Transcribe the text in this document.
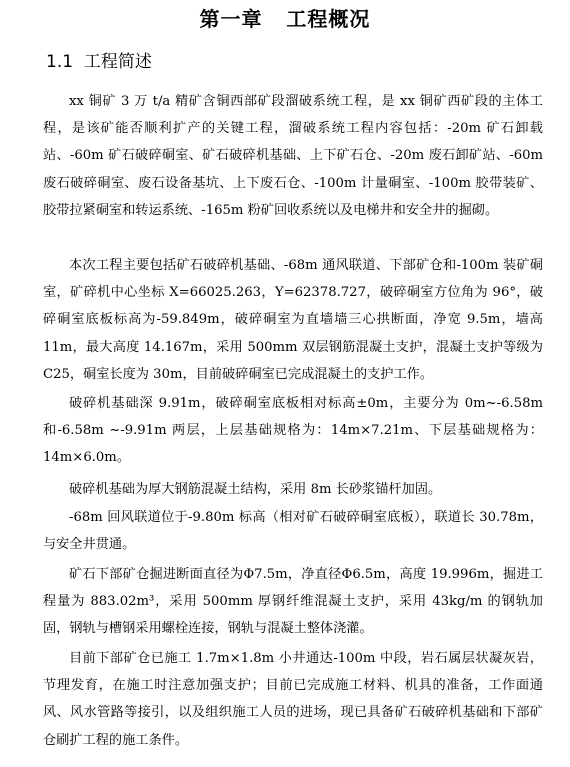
第一章   工程概况
1.1  工程简述
xx 铜矿 3 万 t/a 精矿含铜西部矿段溜破系统工程，是 xx 铜矿西矿段的主体工程，是该矿能否顺利扩产的关键工程，溜破系统工程内容包括：-20m 矿石卸载站、-60m 矿石破碎硐室、矿石破碎机基础、上下矿石仓、-20m 废石卸矿站、-60m 废石破碎硐室、废石设备基坑、上下废石仓、-100m 计量硐室、-100m 胶带装矿、胶带拉紧硐室和转运系统、-165m 粉矿回收系统以及电梯井和安全井的掘砌。
本次工程主要包括矿石破碎机基础、-68m 通风联道、下部矿仓和-100m 装矿硐室，矿碎机中心坐标 X=66025.263，Y=62378.727，破碎硐室方位角为 96°，破碎硐室底板标高为-59.849m，破碎硐室为直墙墙三心拱断面，净宽 9.5m，墙高 11m，最大高度 14.167m，采用 500mm 双层钢筋混凝土支护，混凝土支护等级为 C25，硐室长度为 30m，目前破碎硐室已完成混凝土的支护工作。
破碎机基础深 9.91m，破碎硐室底板相对标高±0m，主要分为 0m~-6.58m 和-6.58m ~-9.91m 两层，上层基础规格为：14m×7.21m、下层基础规格为：14m×6.0m。
破碎机基础为厚大钢筋混凝土结构，采用 8m 长砂浆锚杆加固。
-68m 回风联道位于-9.80m 标高（相对矿石破碎硐室底板），联道长 30.78m，与安全井贯通。
矿石下部矿仓掘进断面直径为Φ7.5m，净直径Φ6.5m，高度 19.996m，掘进工程量为 883.02m³，采用 500mm 厚钢纤维混凝土支护，采用 43kg/m 的钢轨加固，钢轨与槽钢采用螺栓连接，钢轨与混凝土整体浇灌。
目前下部矿仓已施工 1.7m×1.8m 小井通达-100m 中段，岩石属层状凝灰岩，节理发育，在施工时注意加强支护；目前已完成施工材料、机具的准备，工作面通风、风水管路等接引，以及组织施工人员的进场，现已具备矿石破碎机基础和下部矿仓刷扩工程的施工条件。
